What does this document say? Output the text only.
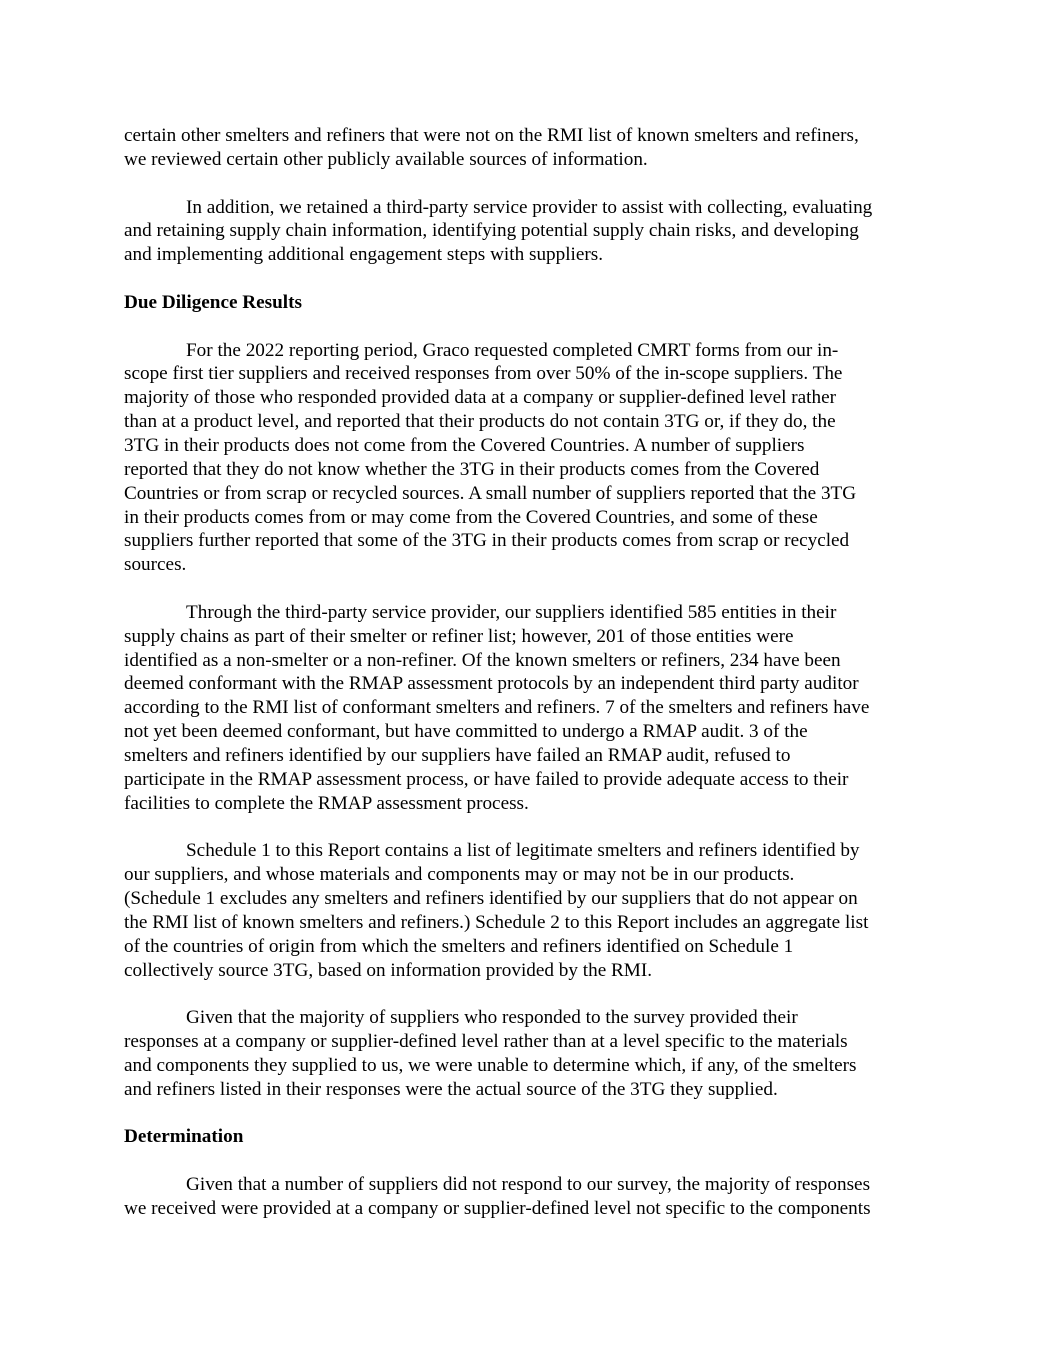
certain other smelters and refiners that were not on the RMI list of known smelters and refiners,
we reviewed certain other publicly available sources of information.
In addition, we retained a third-party service provider to assist with collecting, evaluating
and retaining supply chain information, identifying potential supply chain risks, and developing
and implementing additional engagement steps with suppliers.
Due Diligence Results
For the 2022 reporting period, Graco requested completed CMRT forms from our in-
scope first tier suppliers and received responses from over 50% of the in-scope suppliers. The
majority of those who responded provided data at a company or supplier-defined level rather
than at a product level, and reported that their products do not contain 3TG or, if they do, the
3TG in their products does not come from the Covered Countries. A number of suppliers
reported that they do not know whether the 3TG in their products comes from the Covered
Countries or from scrap or recycled sources. A small number of suppliers reported that the 3TG
in their products comes from or may come from the Covered Countries, and some of these
suppliers further reported that some of the 3TG in their products comes from scrap or recycled
sources.
Through the third-party service provider, our suppliers identified 585 entities in their
supply chains as part of their smelter or refiner list; however, 201 of those entities were
identified as a non-smelter or a non-refiner. Of the known smelters or refiners, 234 have been
deemed conformant with the RMAP assessment protocols by an independent third party auditor
according to the RMI list of conformant smelters and refiners. 7 of the smelters and refiners have
not yet been deemed conformant, but have committed to undergo a RMAP audit. 3 of the
smelters and refiners identified by our suppliers have failed an RMAP audit, refused to
participate in the RMAP assessment process, or have failed to provide adequate access to their
facilities to complete the RMAP assessment process.
Schedule 1 to this Report contains a list of legitimate smelters and refiners identified by
our suppliers, and whose materials and components may or may not be in our products.
(Schedule 1 excludes any smelters and refiners identified by our suppliers that do not appear on
the RMI list of known smelters and refiners.) Schedule 2 to this Report includes an aggregate list
of the countries of origin from which the smelters and refiners identified on Schedule 1
collectively source 3TG, based on information provided by the RMI.
Given that the majority of suppliers who responded to the survey provided their
responses at a company or supplier-defined level rather than at a level specific to the materials
and components they supplied to us, we were unable to determine which, if any, of the smelters
and refiners listed in their responses were the actual source of the 3TG they supplied.
Determination
Given that a number of suppliers did not respond to our survey, the majority of responses
we received were provided at a company or supplier-defined level not specific to the components
